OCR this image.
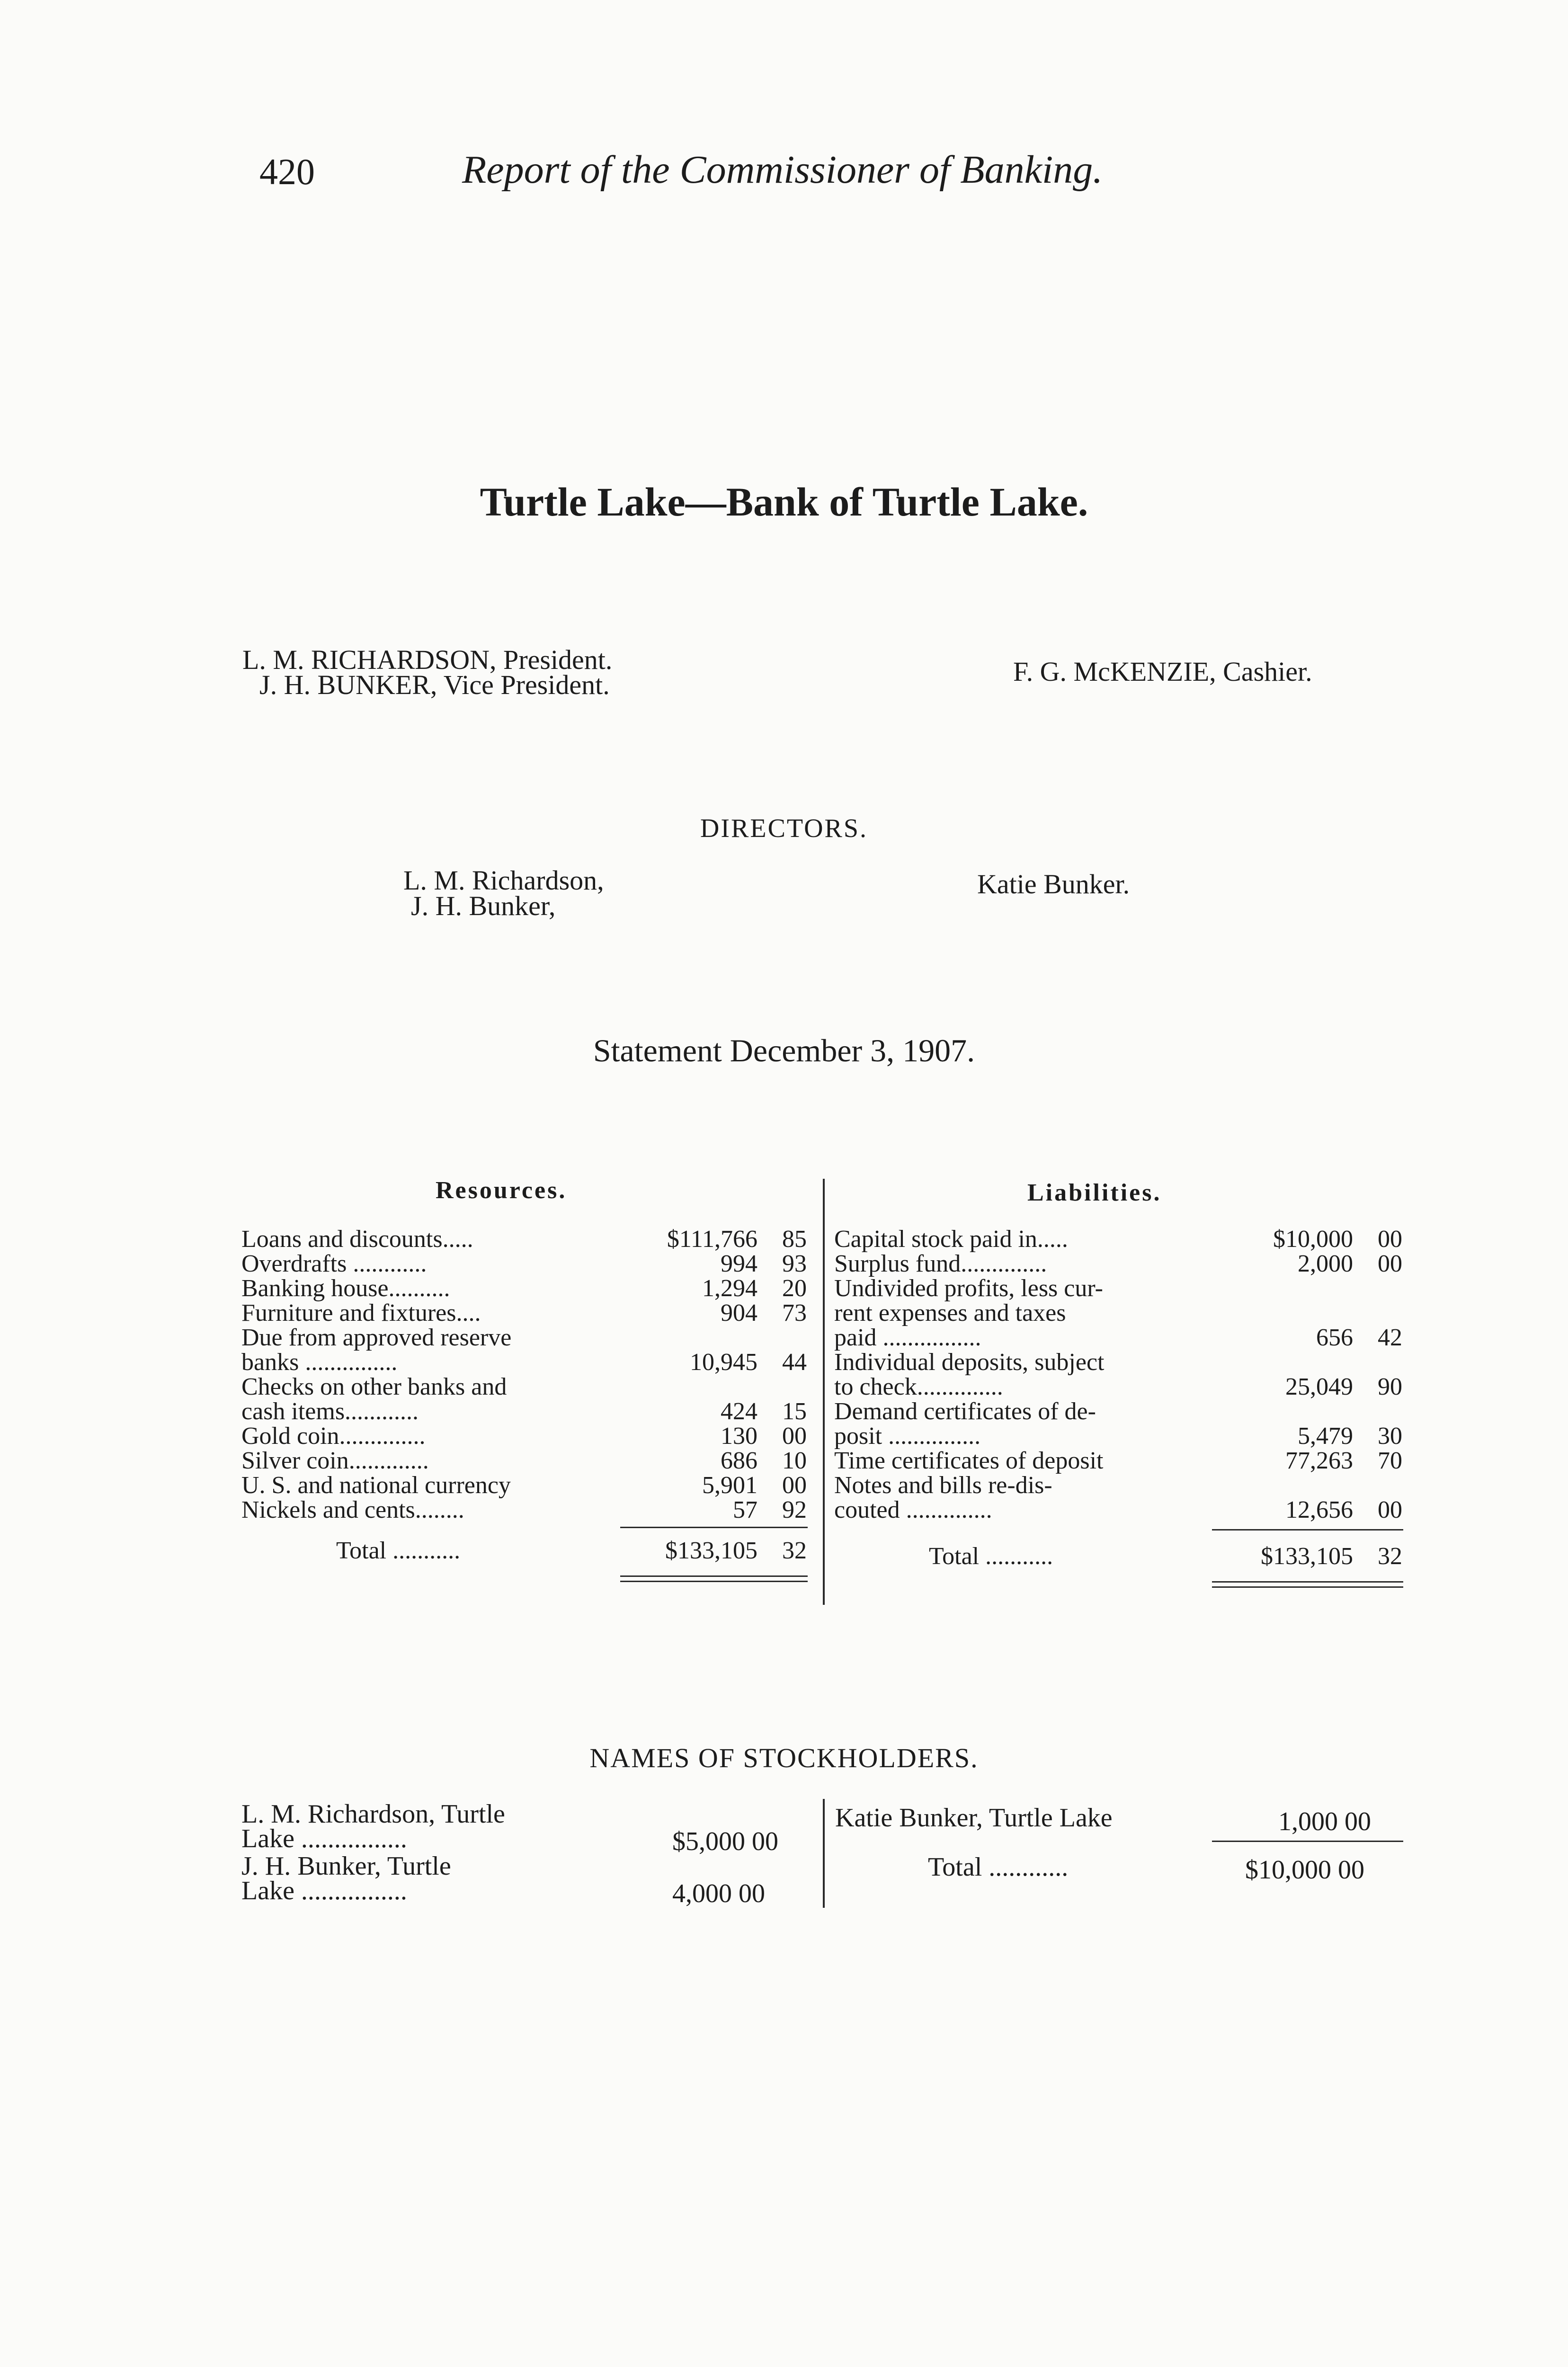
420	Report of the Commissioner of Banking.
Turtle Lake—Bank of Turtle Lake.
L. M. RICHARDSON, President.
J. H. BUNKER, Vice President.	F. G. McKENZIE, Cashier.
DIRECTORS.
L. M. Richardson,
J. H. Bunker,
Katie Bunker.
Statement December 3, 1907.
Resources.	Liabilities.
Loans and discounts.....	$111,766 85
Overdrafts ............	994 93
Banking house..........	1,294 20
Furniture and fixtures....	904 73
Due from approved reserve
banks ...............	10,945 44
Checks on other banks and
cash items............	424 15
Gold coin..............	130 00
Silver coin.............	686 10
U. S. and national currency	5,901 00
Nickels and cents........	57 92
Total ...........	$133,105 32
Capital stock paid in.....	$10,000 00
Surplus fund..............	2,000 00
Undivided profits, less cur-
rent expenses and taxes
paid ................	656 42
Individual deposits, subject
to check..............	25,049 90
Demand certificates of de-
posit ...............	5,479 30
Time certificates of deposit	77,263 70
Notes and bills re-dis-
couted ..............	12,656 00
Total ...........	$133,105 32
NAMES OF STOCKHOLDERS.
L. M. Richardson, Turtle
Lake ................	$5,000 00
J. H. Bunker, Turtle
Lake ................	4,000 00
Katie Bunker, Turtle Lake	1,000 00
Total ............	$10,000 00
